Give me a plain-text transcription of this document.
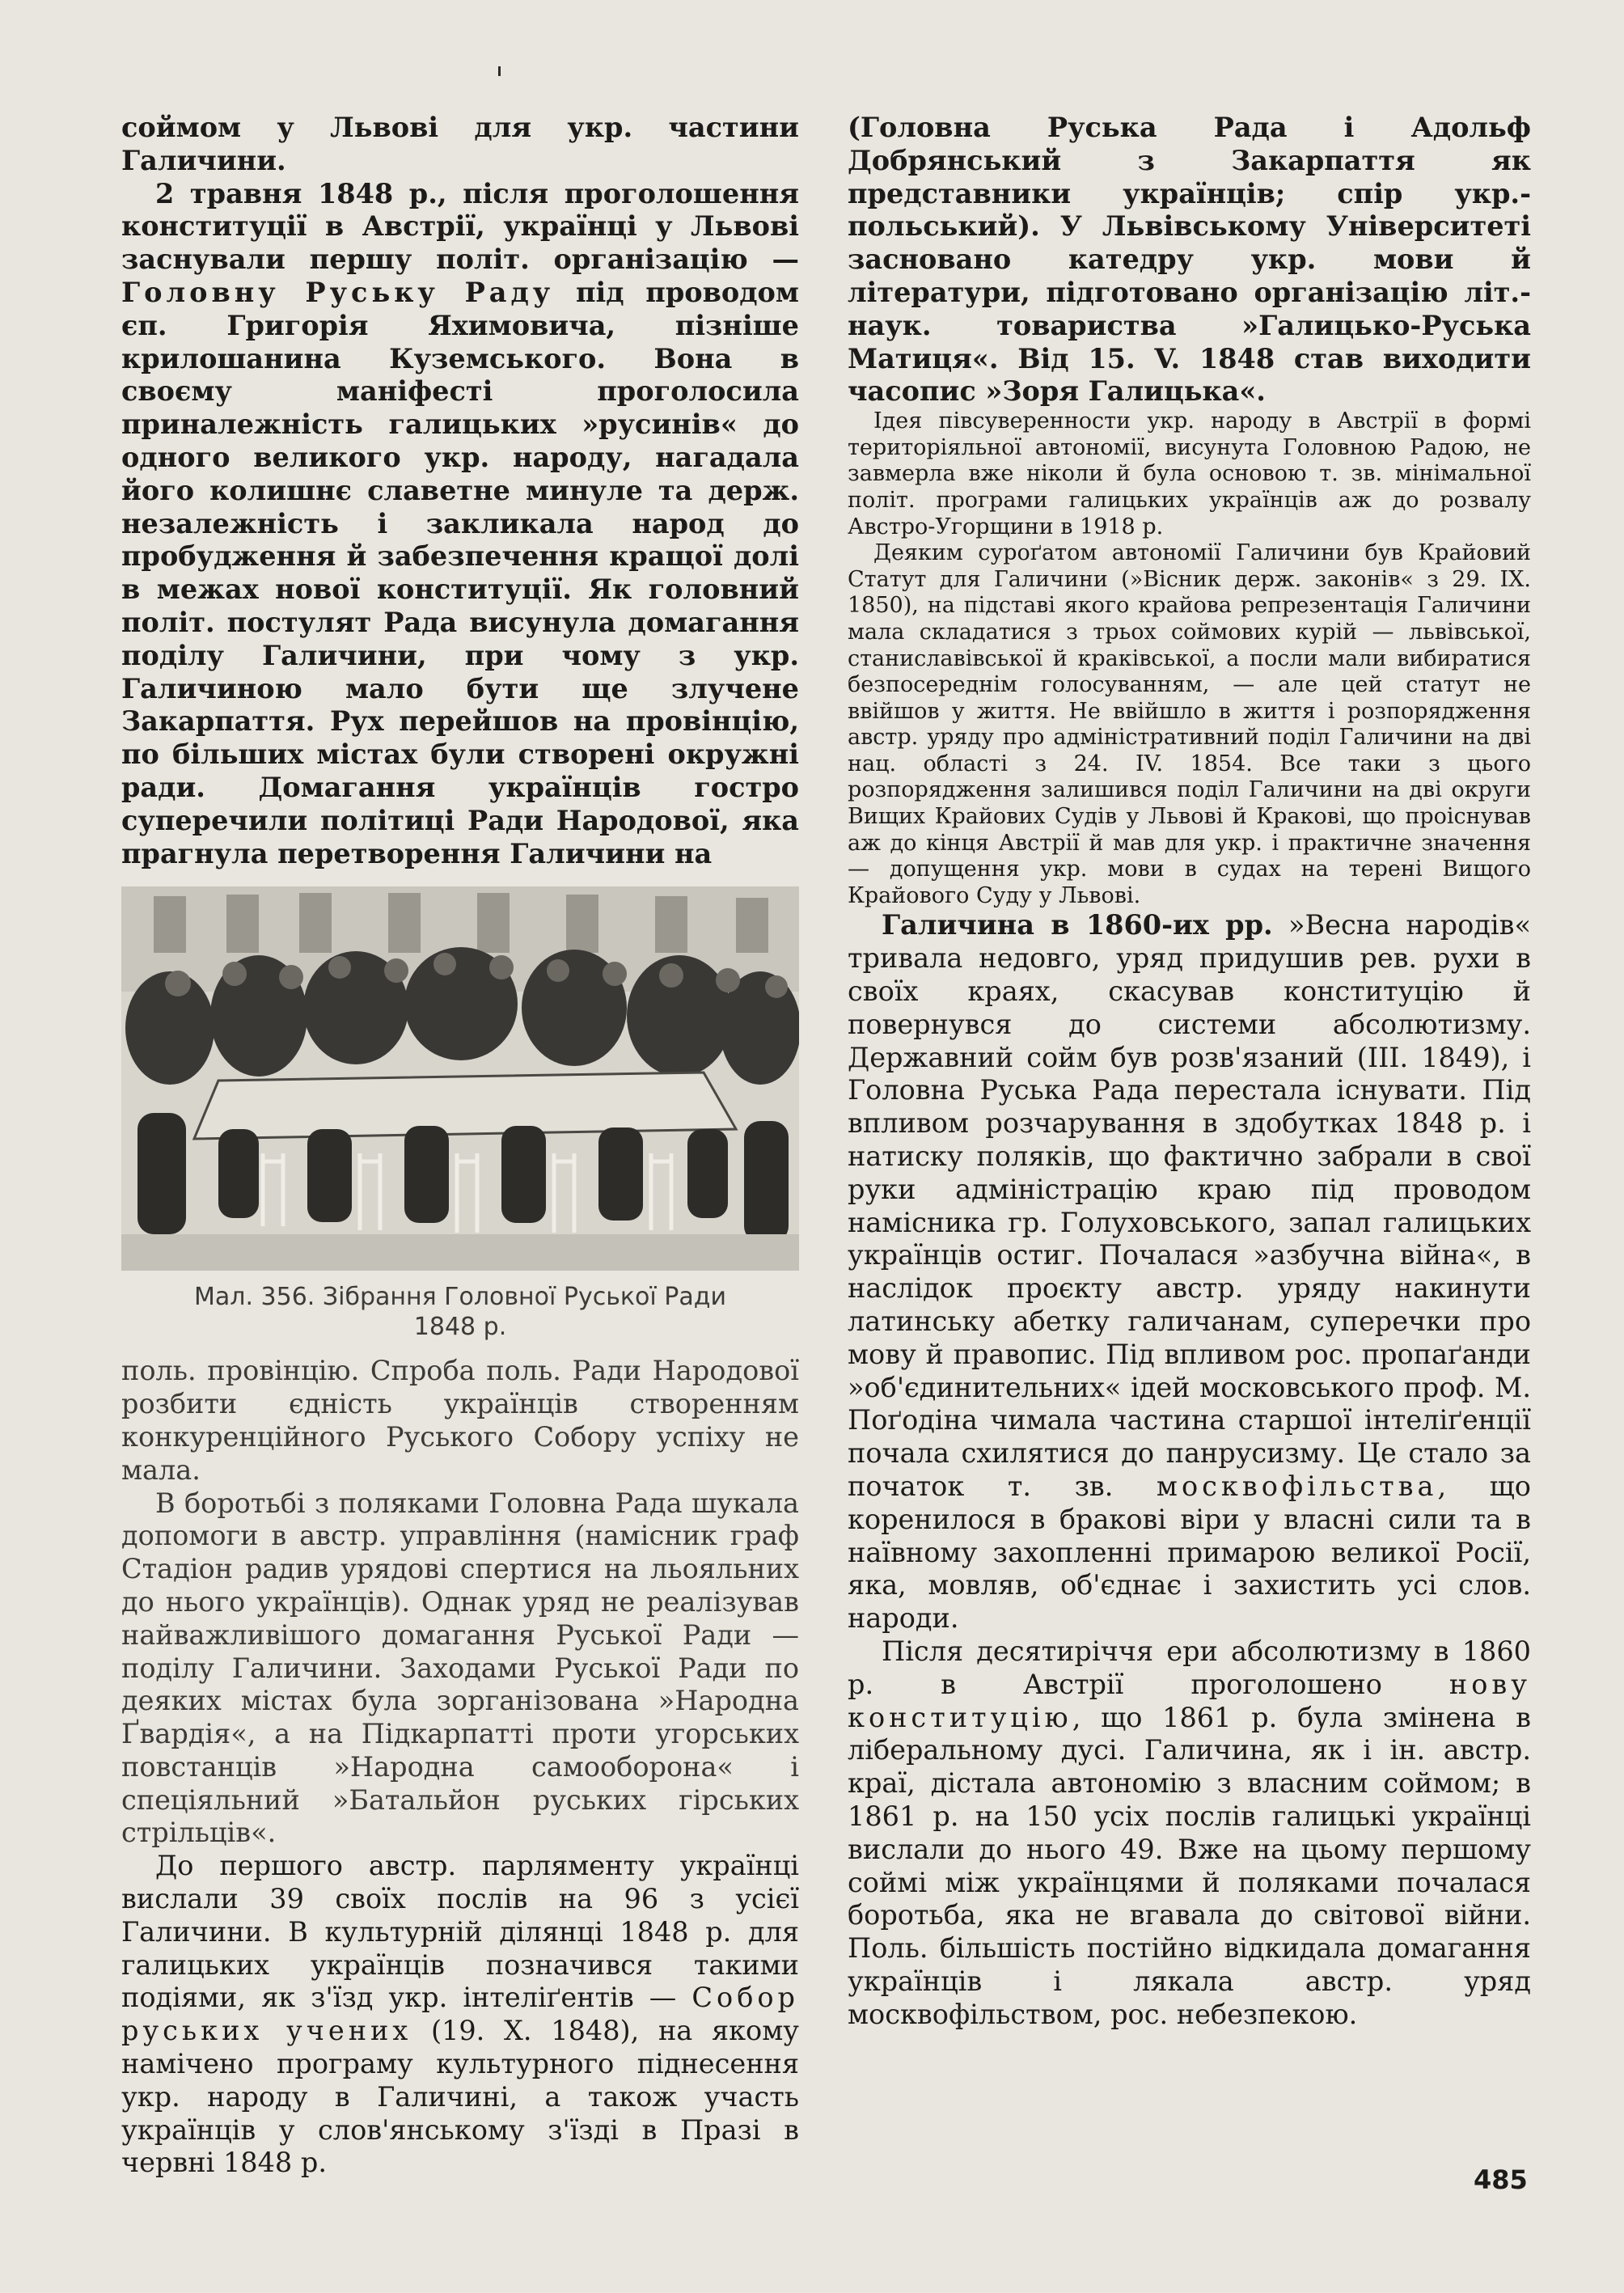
соймом у Львові для укр. частини Галичини.

2 травня 1848 р., після проголошення конституції в Австрії, українці у Львові заснували першу політ. організацію — Головну Руську Раду під проводом єп. Григорія Яхимовича, пізніше крилошанина Куземського. Вона в своєму маніфесті проголосила приналежність галицьких »русинів« до одного великого укр. народу, нагадала його колишнє славетне минуле та держ. незалежність і закликала народ до пробудження й забезпечення кращої долі в межах нової конституції. Як головний політ. постулят Рада висунула домагання поділу Галичини, при чому з укр. Галичиною мало бути ще злучене Закарпаття. Рух перейшов на провінцію, по більших містах були створені окружні ради. Домагання українців гостро суперечили політиці Ради Народової, яка прагнула перетворення Галичини на

Мал. 356. Зібрання Головної Руської Ради
1848 р.

поль. провінцію. Спроба поль. Ради Народової розбити єдність українців створенням конкуренційного Руського Собору успіху не мала.

В боротьбі з поляками Головна Рада шукала допомоги в австр. управління (намісник граф Стадіон радив урядові спертися на льояльних до нього українців). Однак уряд не реалізував найважливішого домагання Руської Ради — поділу Галичини. Заходами Руської Ради по деяких містах була зорганізована »Народна Ґвардія«, а на Підкарпатті проти угорських повстанців »Народна самооборона« і спеціяльний »Батальйон руських гірських стрільців«.

До першого австр. парляменту українці вислали 39 своїх послів на 96 з усієї Галичини. В культурній ділянці 1848 р. для галицьких українців позначився такими подіями, як з'їзд укр. інтеліґентів — Собор руських учених (19. X. 1848), на якому намічено програму культурного піднесення укр. народу в Галичині, а також участь українців у слов'янському з'їзді в Празі в червні 1848 р.

(Головна Руська Рада і Адольф Добрянський з Закарпаття як представники українців; спір укр.-польський). У Львівському Університеті засновано катедру укр. мови й літератури, підготовано організацію літ.-наук. товариства »Галицько-Руська Матиця«. Від 15. V. 1848 став виходити часопис »Зоря Галицька«.

Ідея півсуверенности укр. народу в Австрії в формі територіяльної автономії, висунута Головною Радою, не завмерла вже ніколи й була основою т. зв. мінімальної політ. програми галицьких українців аж до розвалу Австро-Угорщини в 1918 р.

Деяким суроґатом автономії Галичини був Крайовий Статут для Галичини (»Вісник держ. законів« з 29. IX. 1850), на підставі якого крайова репрезентація Галичини мала складатися з трьох соймових курій — львівської, станиславівської й краківської, а посли мали вибиратися безпосереднім голосуванням, — але цей статут не ввійшов у життя. Не ввійшло в життя і розпорядження австр. уряду про адміністративний поділ Галичини на дві нац. області з 24. IV. 1854. Все таки з цього розпорядження залишився поділ Галичини на дві округи Вищих Крайових Судів у Львові й Кракові, що проіснував аж до кінця Австрії й мав для укр. і практичне значення — допущення укр. мови в судах на терені Вищого Крайового Суду у Львові.

Галичина в 1860-их рр. »Весна народів« тривала недовго, уряд придушив рев. рухи в своїх краях, скасував конституцію й повернувся до системи абсолютизму. Державний сойм був розв'язаний (III. 1849), і Головна Руська Рада перестала існувати. Під впливом розчарування в здобутках 1848 р. і натиску поляків, що фактично забрали в свої руки адміністрацію краю під проводом намісника гр. Голуховського, запал галицьких українців остиг. Почалася »азбучна війна«, в наслідок проєкту австр. уряду накинути латинську абетку галичанам, суперечки про мову й правопис. Під впливом рос. пропаґанди »об'єдинительних« ідей московського проф. М. Поґодіна чимала частина старшої інтеліґенції почала схилятися до панрусизму. Це стало за початок т. зв. москвофільства, що коренилося в бракові віри у власні сили та в наївному захопленні примарою великої Росії, яка, мовляв, об'єднає і захистить усі слов. народи.

Після десятиріччя ери абсолютизму в 1860 р. в Австрії проголошено нову конституцію, що 1861 р. була змінена в ліберальному дусі. Галичина, як і ін. австр. краї, дістала автономію з власним соймом; в 1861 р. на 150 усіх послів галицькі українці вислали до нього 49. Вже на цьому першому соймі між українцями й поляками почалася боротьба, яка не вгавала до світової війни. Поль. більшість постійно відкидала домагання українців і лякала австр. уряд москвофільством, рос. небезпекою.

485
